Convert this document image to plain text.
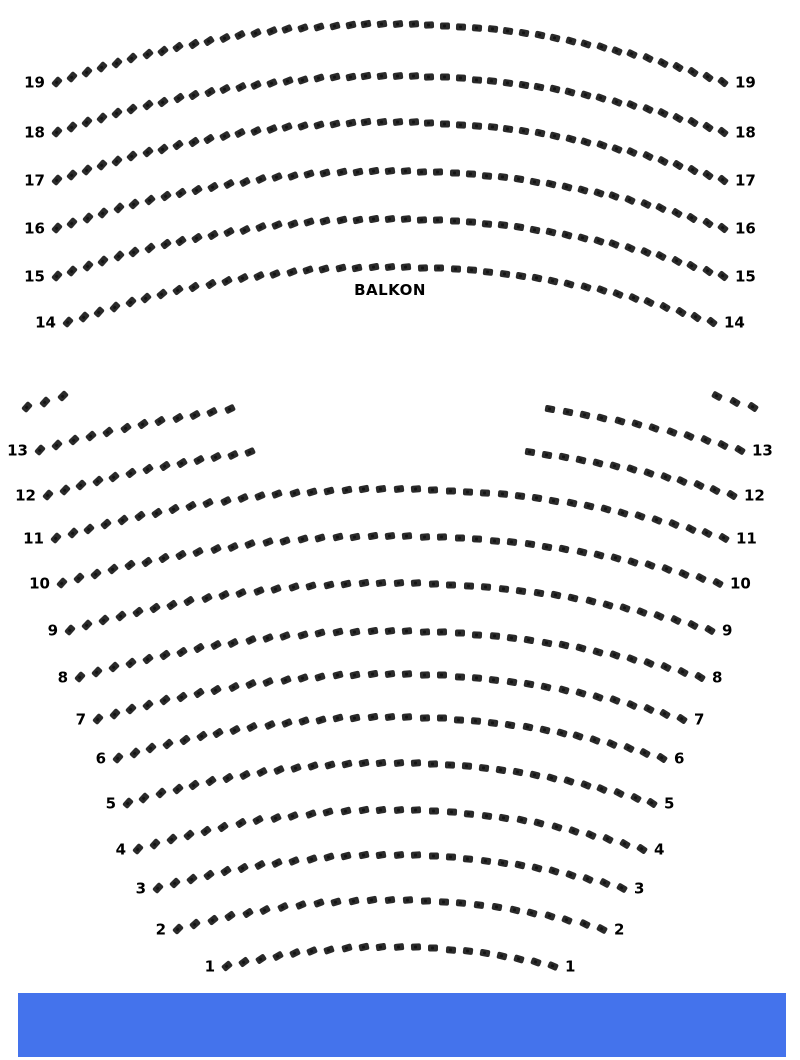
BALKON
19	19
18	18
17	17
16	16
15	15
14	14
13	13
12	12
11	11
10	10
9	9
8	8
7	7
6	6
5	5
4	4
3	3
2	2
1	1
